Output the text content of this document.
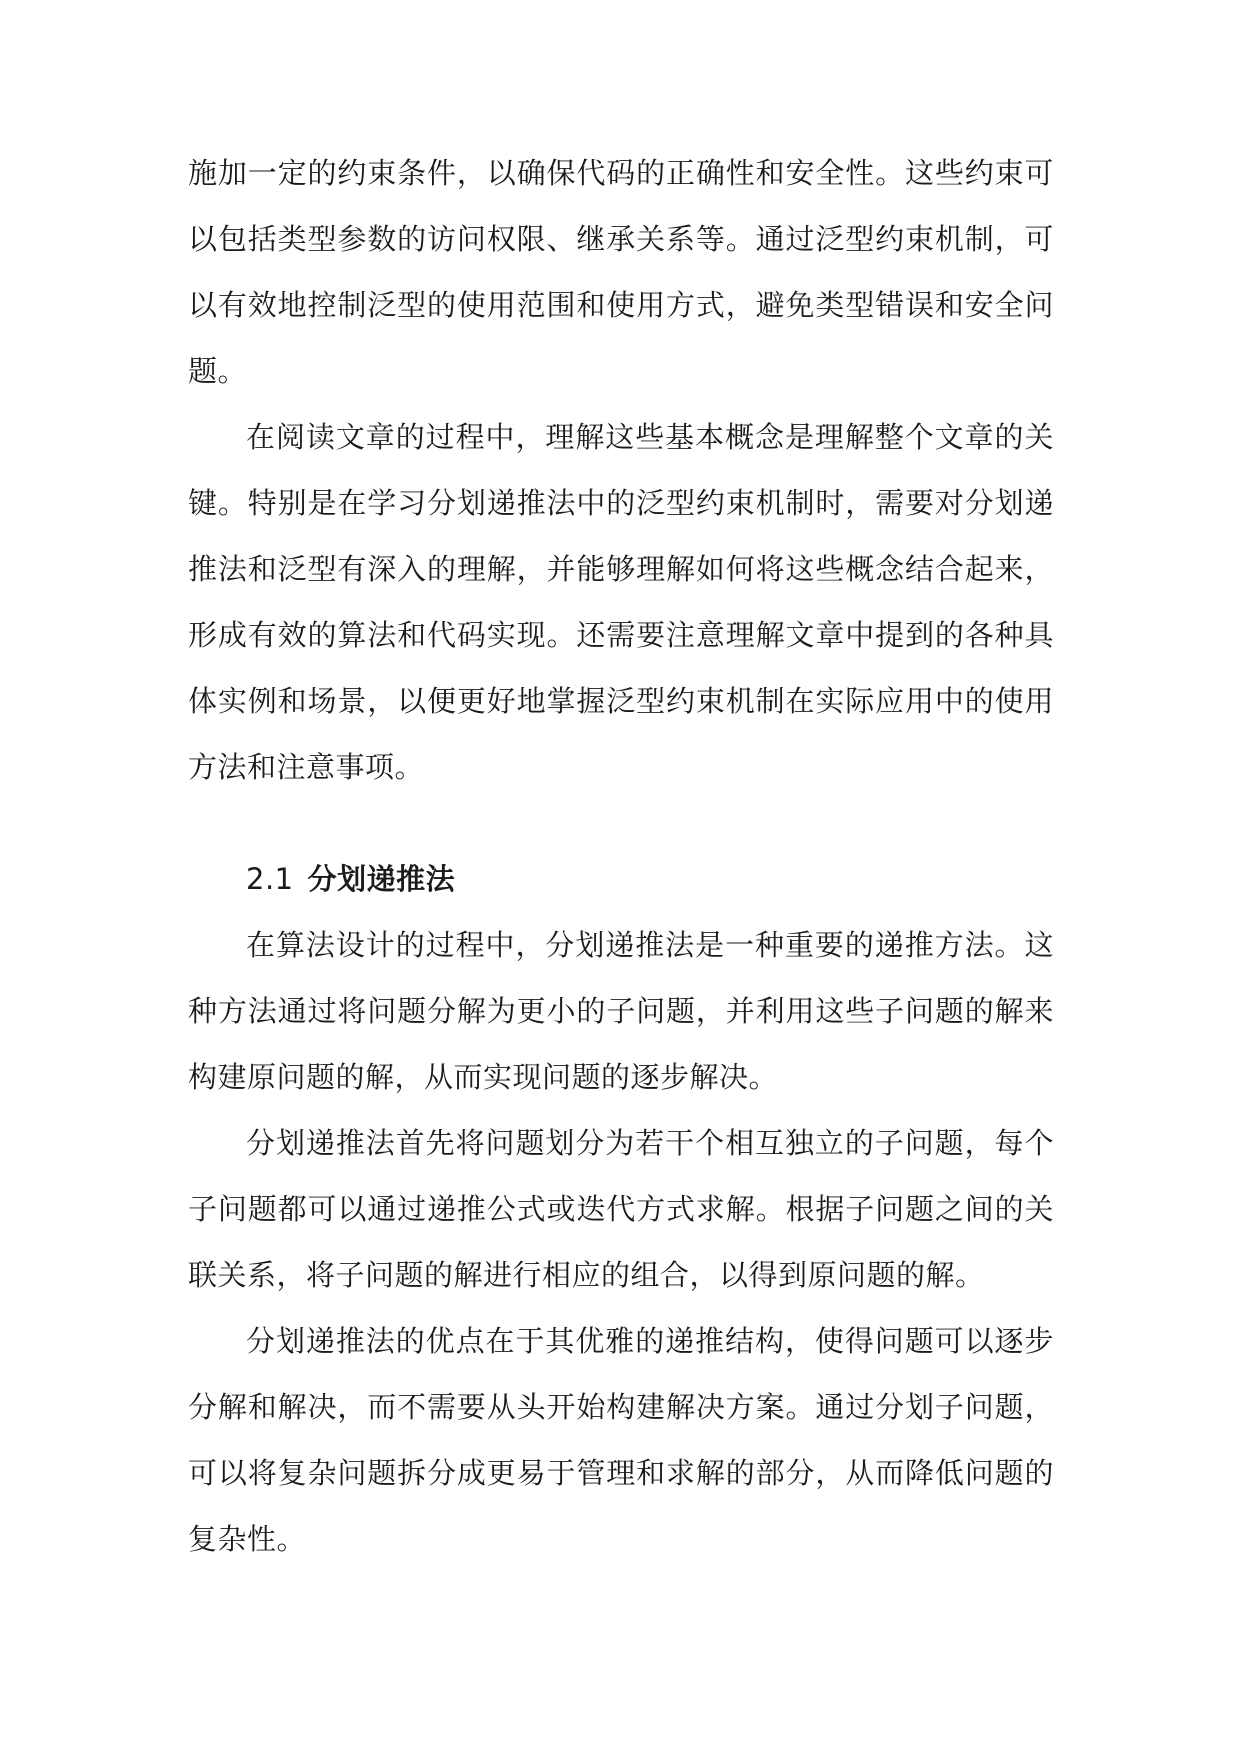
施加一定的约束条件，以确保代码的正确性和安全性。这些约束可以包括类型参数的访问权限、继承关系等。通过泛型约束机制，可以有效地控制泛型的使用范围和使用方式，避免类型错误和安全问题。

在阅读文章的过程中，理解这些基本概念是理解整个文章的关键。特别是在学习分划递推法中的泛型约束机制时，需要对分划递推法和泛型有深入的理解，并能够理解如何将这些概念结合起来，形成有效的算法和代码实现。还需要注意理解文章中提到的各种具体实例和场景，以便更好地掌握泛型约束机制在实际应用中的使用方法和注意事项。

2.1 分划递推法

在算法设计的过程中，分划递推法是一种重要的递推方法。这种方法通过将问题分解为更小的子问题，并利用这些子问题的解来构建原问题的解，从而实现问题的逐步解决。

分划递推法首先将问题划分为若干个相互独立的子问题，每个子问题都可以通过递推公式或迭代方式求解。根据子问题之间的关联关系，将子问题的解进行相应的组合，以得到原问题的解。

分划递推法的优点在于其优雅的递推结构，使得问题可以逐步分解和解决，而不需要从头开始构建解决方案。通过分划子问题，可以将复杂问题拆分成更易于管理和求解的部分，从而降低问题的复杂性。
